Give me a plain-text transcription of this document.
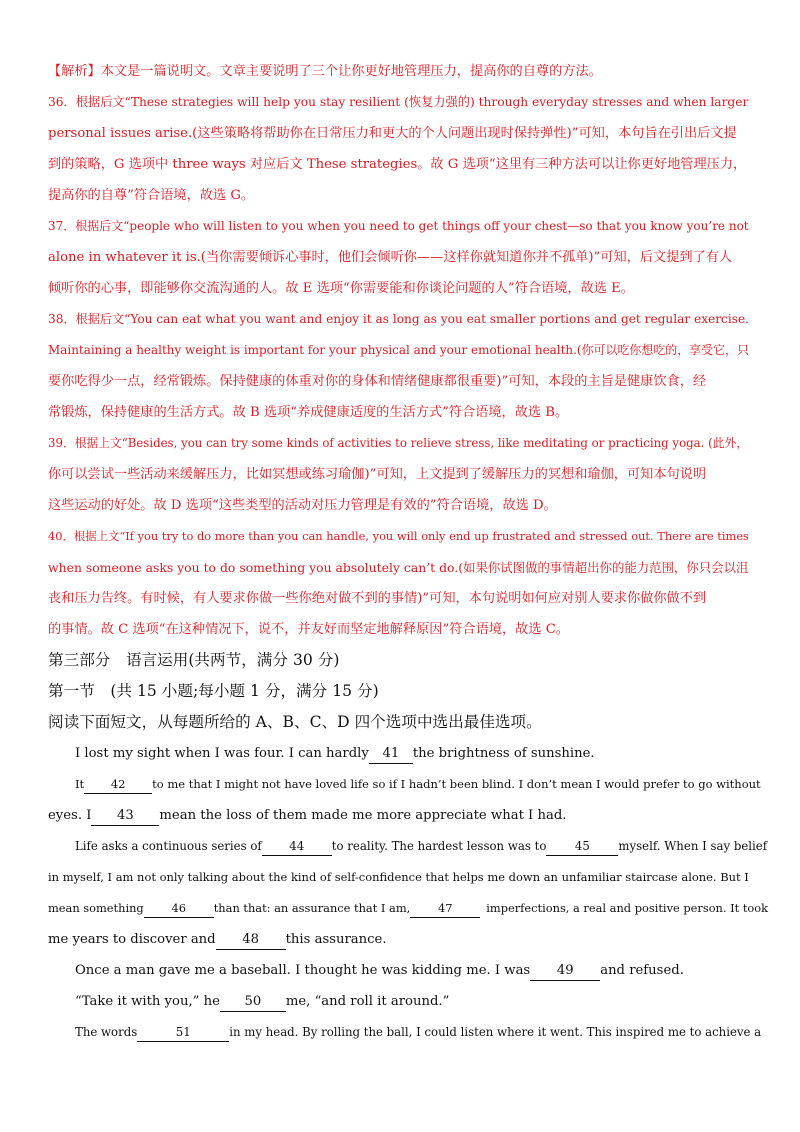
【解析】本文是一篇说明文。文章主要说明了三个让你更好地管理压力，提高你的自尊的方法。

36．根据后文“These strategies will help you stay resilient (恢复力强的) through everyday stresses and when larger

personal issues arise.(这些策略将帮助你在日常压力和更大的个人问题出现时保持弹性)”可知，本句旨在引出后文提

到的策略，G 选项中 three ways 对应后文 These strategies。故 G 选项“这里有三种方法可以让你更好地管理压力，

提高你的自尊”符合语境，故选 G。

37．根据后文“people who will listen to you when you need to get things off your chest—so that you know you’re not

alone in whatever it is.(当你需要倾诉心事时，他们会倾听你——这样你就知道你并不孤单)”可知，后文提到了有人

倾听你的心事，即能够你交流沟通的人。故 E 选项“你需要能和你谈论问题的人”符合语境，故选 E。

38．根据后文“You can eat what you want and enjoy it as long as you eat smaller portions and get regular exercise.

Maintaining a healthy weight is important for your physical and your emotional health.(你可以吃你想吃的，享受它，只

要你吃得少一点，经常锻炼。保持健康的体重对你的身体和情绪健康都很重要)”可知，本段的主旨是健康饮食，经

常锻炼，保持健康的生活方式。故 B 选项“养成健康适度的生活方式”符合语境，故选 B。

39．根据上文“Besides, you can try some kinds of activities to relieve stress, like meditating or practicing yoga. (此外，

你可以尝试一些活动来缓解压力，比如冥想或练习瑜伽)”可知，上文提到了缓解压力的冥想和瑜伽，可知本句说明

这些运动的好处。故 D 选项“这些类型的活动对压力管理是有效的”符合语境，故选 D。

40．根据上文“If you try to do more than you can handle, you will only end up frustrated and stressed out. There are times

when someone asks you to do something you absolutely can’t do.(如果你试图做的事情超出你的能力范围，你只会以沮

丧和压力告终。有时候，有人要求你做一些你绝对做不到的事情)”可知，本句说明如何应对别人要求你做你做不到

的事情。故 C 选项“在这种情况下，说不，并友好而坚定地解释原因”符合语境，故选 C。

第三部分　语言运用(共两节，满分 30 分)

第一节　(共 15 小题;每小题 1 分，满分 15 分)

阅读下面短文，从每题所给的 A、B、C、D 四个选项中选出最佳选项。

I lost my sight when I was four. I can hardly 41 the brightness of sunshine.

It 42 to me that I might not have loved life so if I hadn’t been blind. I don’t mean I would prefer to go without

eyes. I 43 mean the loss of them made me more appreciate what I had.

Life asks a continuous series of 44 to reality. The hardest lesson was to 45 myself. When I say belief

in myself, I am not only talking about the kind of self-confidence that helps me down an unfamiliar staircase alone. But I

mean something 46 than that: an assurance that I am, 47	imperfections, a real and positive person. It took

me years to discover and 48 this assurance.

Once a man gave me a baseball. I thought he was kidding me. I was 49 and refused.

“Take it with you,” he 50 me, “and roll it around.”

The words	51	in my head. By rolling the ball, I could listen where it went. This inspired me to achieve a
